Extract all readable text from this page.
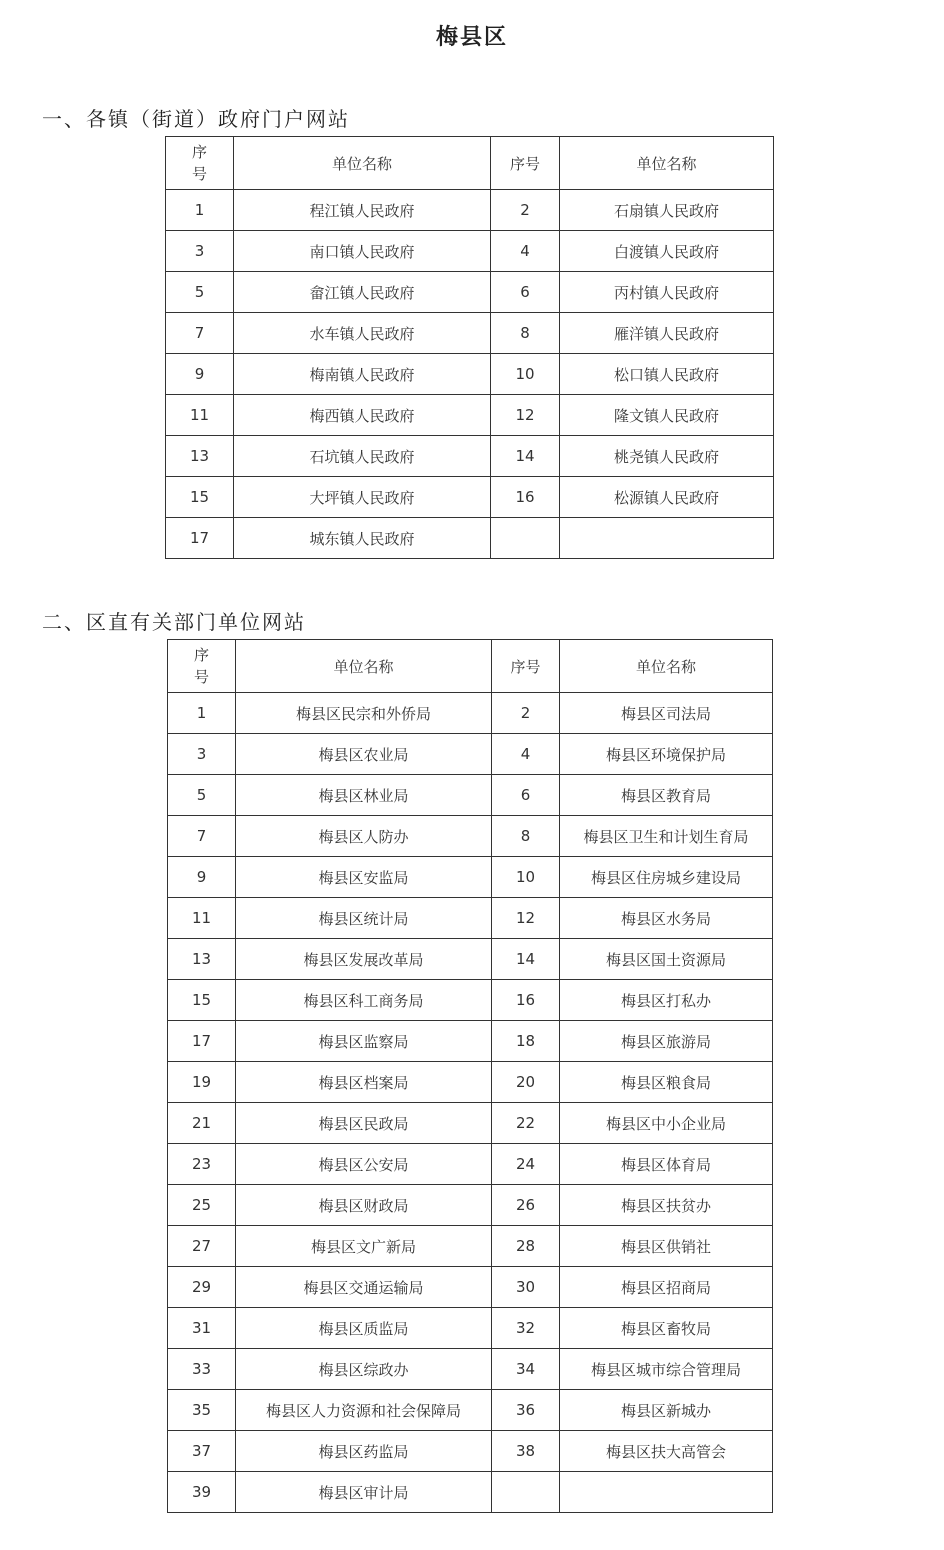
梅县区
一、各镇（街道）政府门户网站
序
号	单位名称	序号	单位名称
1	程江镇人民政府	2	石扇镇人民政府
3	南口镇人民政府	4	白渡镇人民政府
5	畲江镇人民政府	6	丙村镇人民政府
7	水车镇人民政府	8	雁洋镇人民政府
9	梅南镇人民政府	10	松口镇人民政府
11	梅西镇人民政府	12	隆文镇人民政府
13	石坑镇人民政府	14	桃尧镇人民政府
15	大坪镇人民政府	16	松源镇人民政府
17	城东镇人民政府		
二、区直有关部门单位网站
序
号	单位名称	序号	单位名称
1	梅县区民宗和外侨局	2	梅县区司法局
3	梅县区农业局	4	梅县区环境保护局
5	梅县区林业局	6	梅县区教育局
7	梅县区人防办	8	梅县区卫生和计划生育局
9	梅县区安监局	10	梅县区住房城乡建设局
11	梅县区统计局	12	梅县区水务局
13	梅县区发展改革局	14	梅县区国土资源局
15	梅县区科工商务局	16	梅县区打私办
17	梅县区监察局	18	梅县区旅游局
19	梅县区档案局	20	梅县区粮食局
21	梅县区民政局	22	梅县区中小企业局
23	梅县区公安局	24	梅县区体育局
25	梅县区财政局	26	梅县区扶贫办
27	梅县区文广新局	28	梅县区供销社
29	梅县区交通运输局	30	梅县区招商局
31	梅县区质监局	32	梅县区畜牧局
33	梅县区综政办	34	梅县区城市综合管理局
35	梅县区人力资源和社会保障局	36	梅县区新城办
37	梅县区药监局	38	梅县区扶大高管会
39	梅县区审计局		
